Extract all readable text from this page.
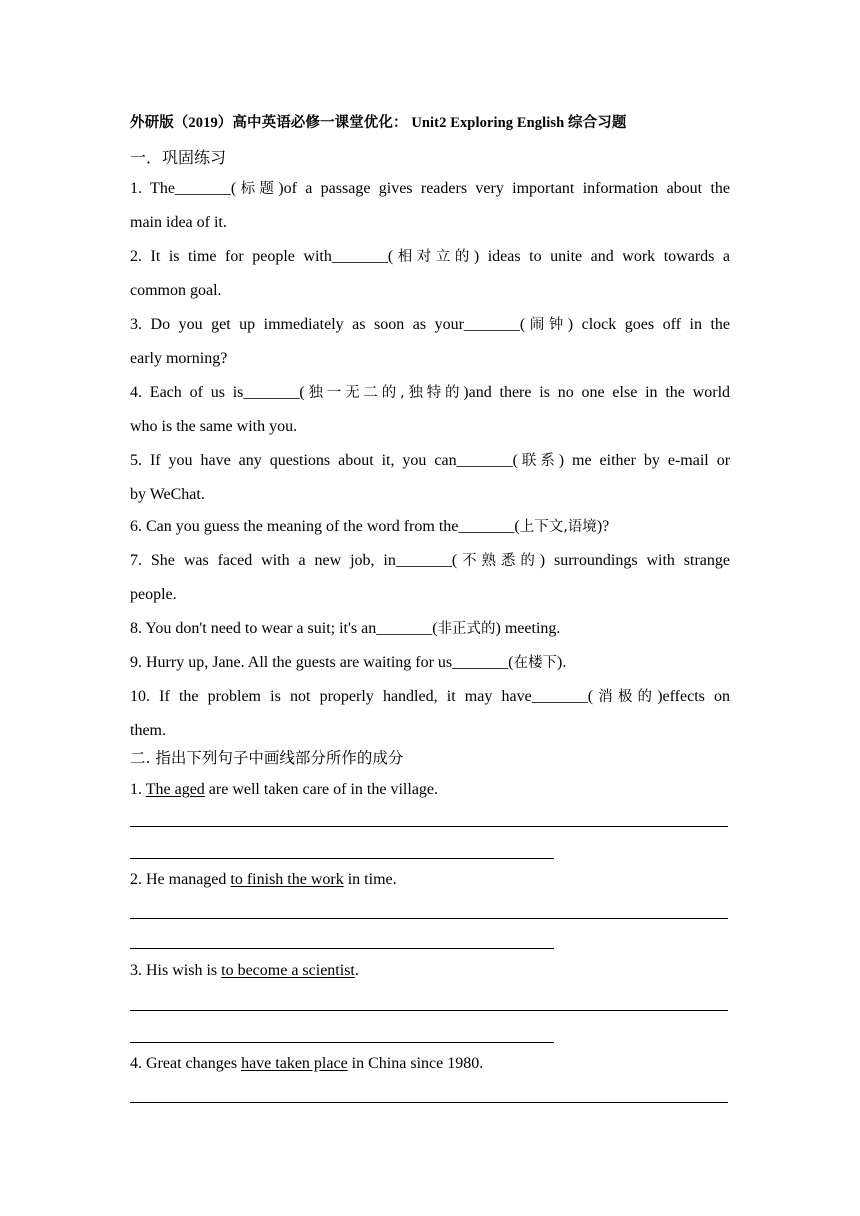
外研版（2019）高中英语必修一课堂优化： Unit2 Exploring English 综合习题
一．巩固练习
1. The_______(标题)of a passage gives readers very important information about the
main idea of it.
2. It is time for people with_______(相对立的) ideas to unite and work towards a
common goal.
3. Do you get up immediately as soon as your_______(闹钟) clock goes off in the
early morning?
4. Each of us is_______(独一无二的,独特的)and there is no one else in the world
who is the same with you.
5. If you have any questions about it, you can_______(联系) me either by e-mail or
by WeChat.
6. Can you guess the meaning of the word from the_______(上下文,语境)?
7. She was faced with a new job, in_______(不熟悉的) surroundings with strange
people.
8. You don't need to wear a suit; it's an_______(非正式的) meeting.
9. Hurry up, Jane. All the guests are waiting for us_______(在楼下).
10. If the problem is not properly handled, it may have_______(消极的)effects on
them.
二. 指出下列句子中画线部分所作的成分
1. The aged are well taken care of in the village.
2. He managed to finish the work in time.
3. His wish is to become a scientist.
4. Great changes have taken place in China since 1980.
